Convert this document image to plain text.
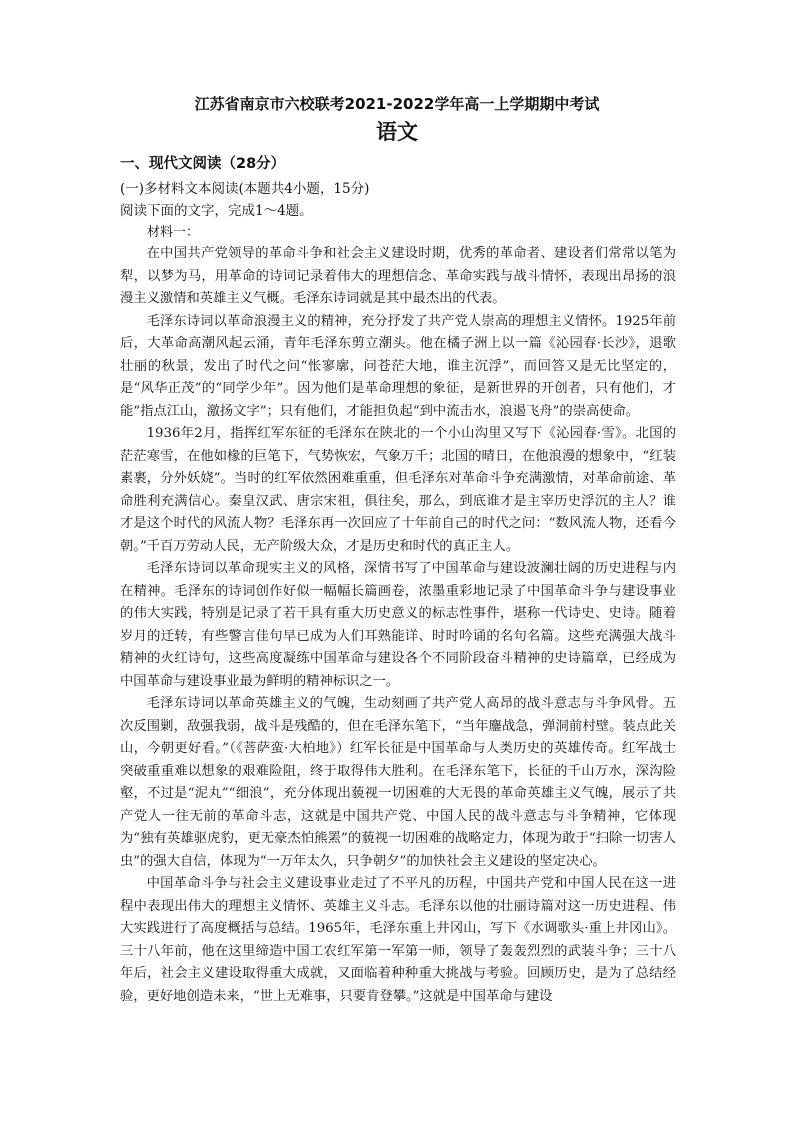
江苏省南京市六校联考2021-2022学年高一上学期期中考试
语文
一、现代文阅读（28分）
(一)多材料文本阅读(本题共4小题，15分)
阅读下面的文字，完成1～4题。
材料一：

在中国共产党领导的革命斗争和社会主义建设时期，优秀的革命者、建设者们常常以笔为犁，以梦为马，用革命的诗词记录着伟大的理想信念、革命实践与战斗情怀，表现出昂扬的浪漫主义激情和英雄主义气概。毛泽东诗词就是其中最杰出的代表。

毛泽东诗词以革命浪漫主义的精神，充分抒发了共产党人崇高的理想主义情怀。1925年前后，大革命高潮风起云涌，青年毛泽东剪立潮头。他在橘子洲上以一篇《沁园春·长沙》，退歌壮丽的秋景，发出了时代之问“怅寥廓，问苍茫大地，谁主沉浮”，而回答又是无比坚定的，是“风华正茂”的“同学少年”。因为他们是革命理想的象征，是新世界的开创者，只有他们，才能“指点江山，激扬文字”；只有他们，才能担负起“到中流击水，浪遏飞舟”的崇高使命。

1936年2月，指挥红军东征的毛泽东在陕北的一个小山沟里又写下《沁园春·雪》。北国的茫茫寒雪，在他如椽的巨笔下，气势恢宏，气象万千；北国的晴日，在他浪漫的想象中，“红装素裹，分外妖娆”。当时的红军依然困难重重，但毛泽东对革命斗争充满激情，对革命前途、革命胜利充满信心。秦皇汉武、唐宗宋祖，俱往矣，那么，到底谁才是主宰历史浮沉的主人？谁才是这个时代的风流人物？毛泽东再一次回应了十年前自己的时代之问：“数风流人物，还看今朝。”千百万劳动人民，无产阶级大众，才是历史和时代的真正主人。

毛泽东诗词以革命现实主义的风格，深情书写了中国革命与建设波澜壮阔的历史进程与内在精神。毛泽东的诗词创作好似一幅幅长篇画卷，浓墨重彩地记录了中国革命斗争与建设事业的伟大实践，特别是记录了若干具有重大历史意义的标志性事件，堪称一代诗史、史诗。随着岁月的迁转，有些警言佳句早已成为人们耳熟能详、时时吟诵的名句名篇。这些充满强大战斗精神的火红诗句，这些高度凝练中国革命与建设各个不同阶段奋斗精神的史诗篇章，已经成为中国革命与建设事业最为鲜明的精神标识之一。

毛泽东诗词以革命英雄主义的气魄，生动刻画了共产党人高昂的战斗意志与斗争风骨。五次反围剿，敌强我弱，战斗是残酷的，但在毛泽东笔下，“当年鏖战急，弹洞前村壁。装点此关山，今朝更好看。”（《菩萨蛮·大柏地》）红军长征是中国革命与人类历史的英雄传奇。红军战士突破重重难以想象的艰难险阻，终于取得伟大胜利。在毛泽东笔下，长征的千山万水，深沟险壑，不过是“泥丸”“细浪”，充分体现出藐视一切困难的大无畏的革命英雄主义气魄，展示了共产党人一往无前的革命斗志，这就是中国共产党、中国人民的战斗意志与斗争精神，它体现为“独有英雄驱虎豹，更无豪杰怕熊罴”的藐视一切困难的战略定力，体现为敢于“扫除一切害人虫”的强大自信，体现为“一万年太久，只争朝夕”的加快社会主义建设的坚定决心。

中国革命斗争与社会主义建设事业走过了不平凡的历程，中国共产党和中国人民在这一进程中表现出伟大的理想主义情怀、英雄主义斗志。毛泽东以他的壮丽诗篇对这一历史进程、伟大实践进行了高度概括与总结。1965年，毛泽东重上井冈山，写下《水调歌头·重上井冈山》。三十八年前，他在这里缔造中国工农红军第一军第一师，领导了轰轰烈烈的武装斗争；三十八年后，社会主义建设取得重大成就，又面临着种种重大挑战与考验。回顾历史，是为了总结经验，更好地创造未来，“世上无难事，只要肯登攀。”这就是中国革命与建设
